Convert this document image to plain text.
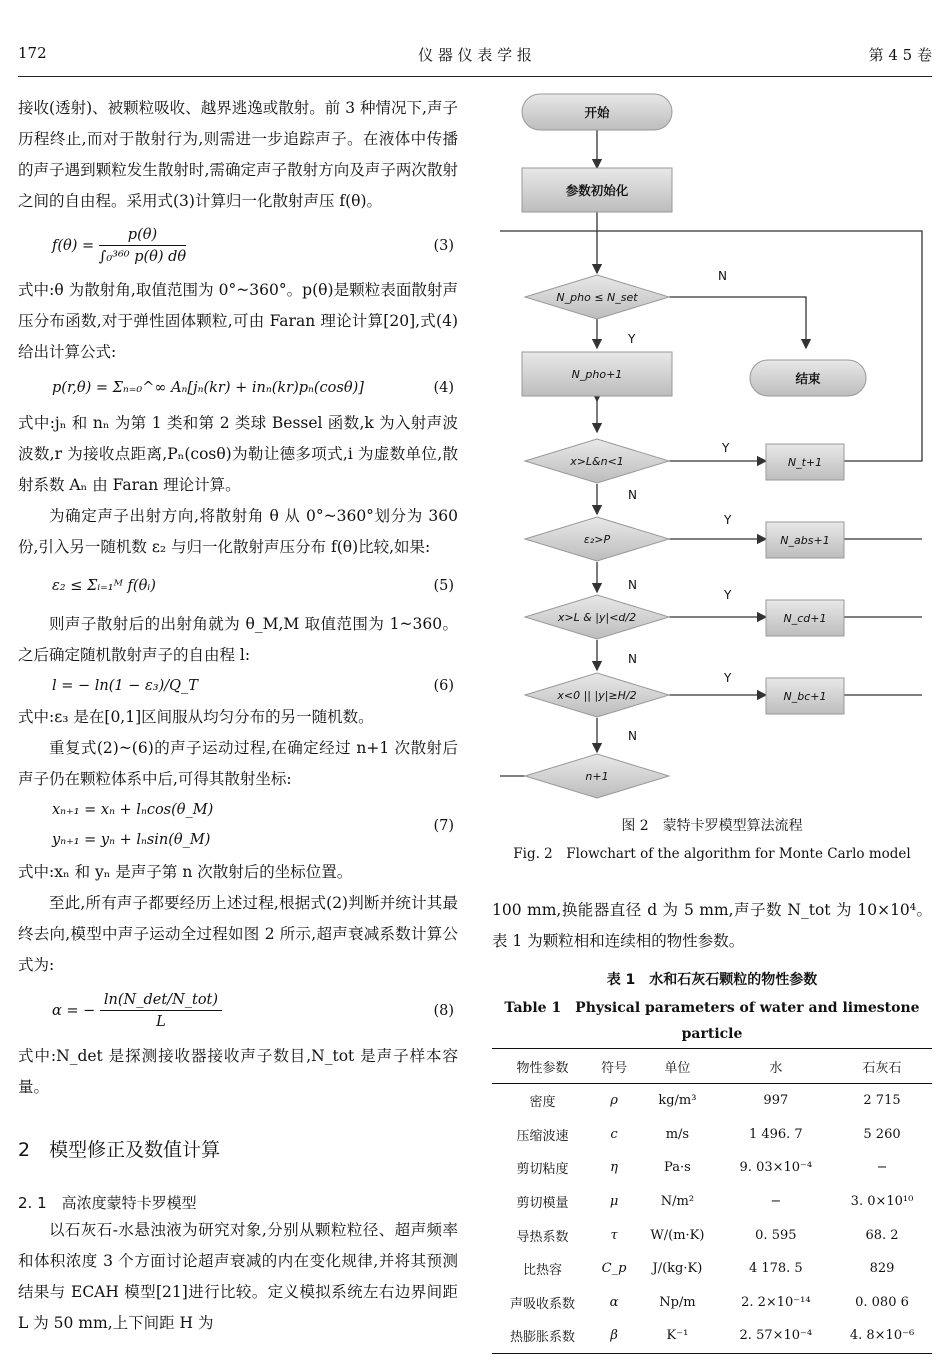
172	仪 器 仪 表 学 报	第 4 5 卷

接收(透射)、被颗粒吸收、越界逃逸或散射。前 3 种情况下,声子历程终止,而对于散射行为,则需进一步追踪声子。在液体中传播的声子遇到颗粒发生散射时,需确定声子散射方向及声子两次散射之间的自由程。采用式(3)计算归一化散射声压 f(θ)。

$f(\theta) = \frac{p(\theta)}{\text{∫₀³⁶⁰ p(θ) dθ}}$	(3)

式中:θ 为散射角,取值范围为 0°~360°。p(θ)是颗粒表面散射声压分布函数,对于弹性固体颗粒,可由 Faran 理论计算[20],式(4)给出计算公式:

p(r,θ) = Σₙ₌₀^∞ Aₙ[jₙ(kr) + inₙ(kr)pₙ(cosθ)]	(4)

式中:jₙ 和 nₙ 为第 1 类和第 2 类球 Bessel 函数,k 为入射声波波数,r 为接收点距离,Pₙ(cosθ)为勒让德多项式,i 为虚数单位,散射系数 Aₙ 由 Faran 理论计算。

为确定声子出射方向,将散射角 θ 从 0°~360°划分为 360 份,引入另一随机数 ε₂ 与归一化散射声压分布 f(θ)比较,如果:

ε₂ ≤ Σᵢ₌₁ᴹ f(θᵢ)	(5)

则声子散射后的出射角就为 θ_M,M 取值范围为 1~360。之后确定随机散射声子的自由程 l:

l = − ln(1 − ε₃)/Q_T	(6)

式中:ε₃ 是在[0,1]区间服从均匀分布的另一随机数。

重复式(2)~(6)的声子运动过程,在确定经过 n+1 次散射后声子仍在颗粒体系中后,可得其散射坐标:

xₙ₊₁ = xₙ + lₙcos(θ_M)
yₙ₊₁ = yₙ + lₙsin(θ_M)
(7)

式中:xₙ 和 yₙ 是声子第 n 次散射后的坐标位置。

至此,所有声子都要经历上述过程,根据式(2)判断并统计其最终去向,模型中声子运动全过程如图 2 所示,超声衰减系数计算公式为:

α = − $\frac{\text{ln(N\_det/N\_tot)}}{L}$	(8)

式中:N_det 是探测接收器接收声子数目,N_tot 是声子样本容量。

2　模型修正及数值计算

2. 1　高浓度蒙特卡罗模型

以石灰石-水悬浊液为研究对象,分别从颗粒粒径、超声频率和体积浓度 3 个方面讨论超声衰减的内在变化规律,并将其预测结果与 ECAH 模型[21]进行比较。定义模拟系统左右边界间距 L 为 50 mm,上下间距 H 为

开始
参数初始化
N_pho ≤ N_set
N_pho+1	结束
x>L&n<1
ε₂>P
x>L & |y|<d/2
x<0 || |y|≥H/2
n+1
N_t+1
N_abs+1
N_cd+1
N_bc+1
N
Y
Y
N
Y
N
Y
N
Y
N
图 2　蒙特卡罗模型算法流程
Fig. 2　Flowchart of the algorithm for Monte Carlo model

100 mm,换能器直径 d 为 5 mm,声子数 N_tot 为 10×10⁴。表 1 为颗粒相和连续相的物性参数。

表 1　水和石灰石颗粒的物性参数
Table 1　Physical parameters of water and limestone particle
物性参数	符号	单位	水	石灰石
密度	ρ	kg/m³	997	2 715
压缩波速	c	m/s	1 496. 7	5 260
剪切粘度	η	Pa·s	9. 03×10⁻⁴	−
剪切模量	μ	N/m²	−	3. 0×10¹⁰
导热系数	τ	W/(m·K)	0. 595	68. 2
比热容	C_p	J/(kg·K)	4 178. 5	829
声吸收系数	α	Np/m	2. 2×10⁻¹⁴	0. 080 6
热膨胀系数	β	K⁻¹	2. 57×10⁻⁴	4. 8×10⁻⁶
